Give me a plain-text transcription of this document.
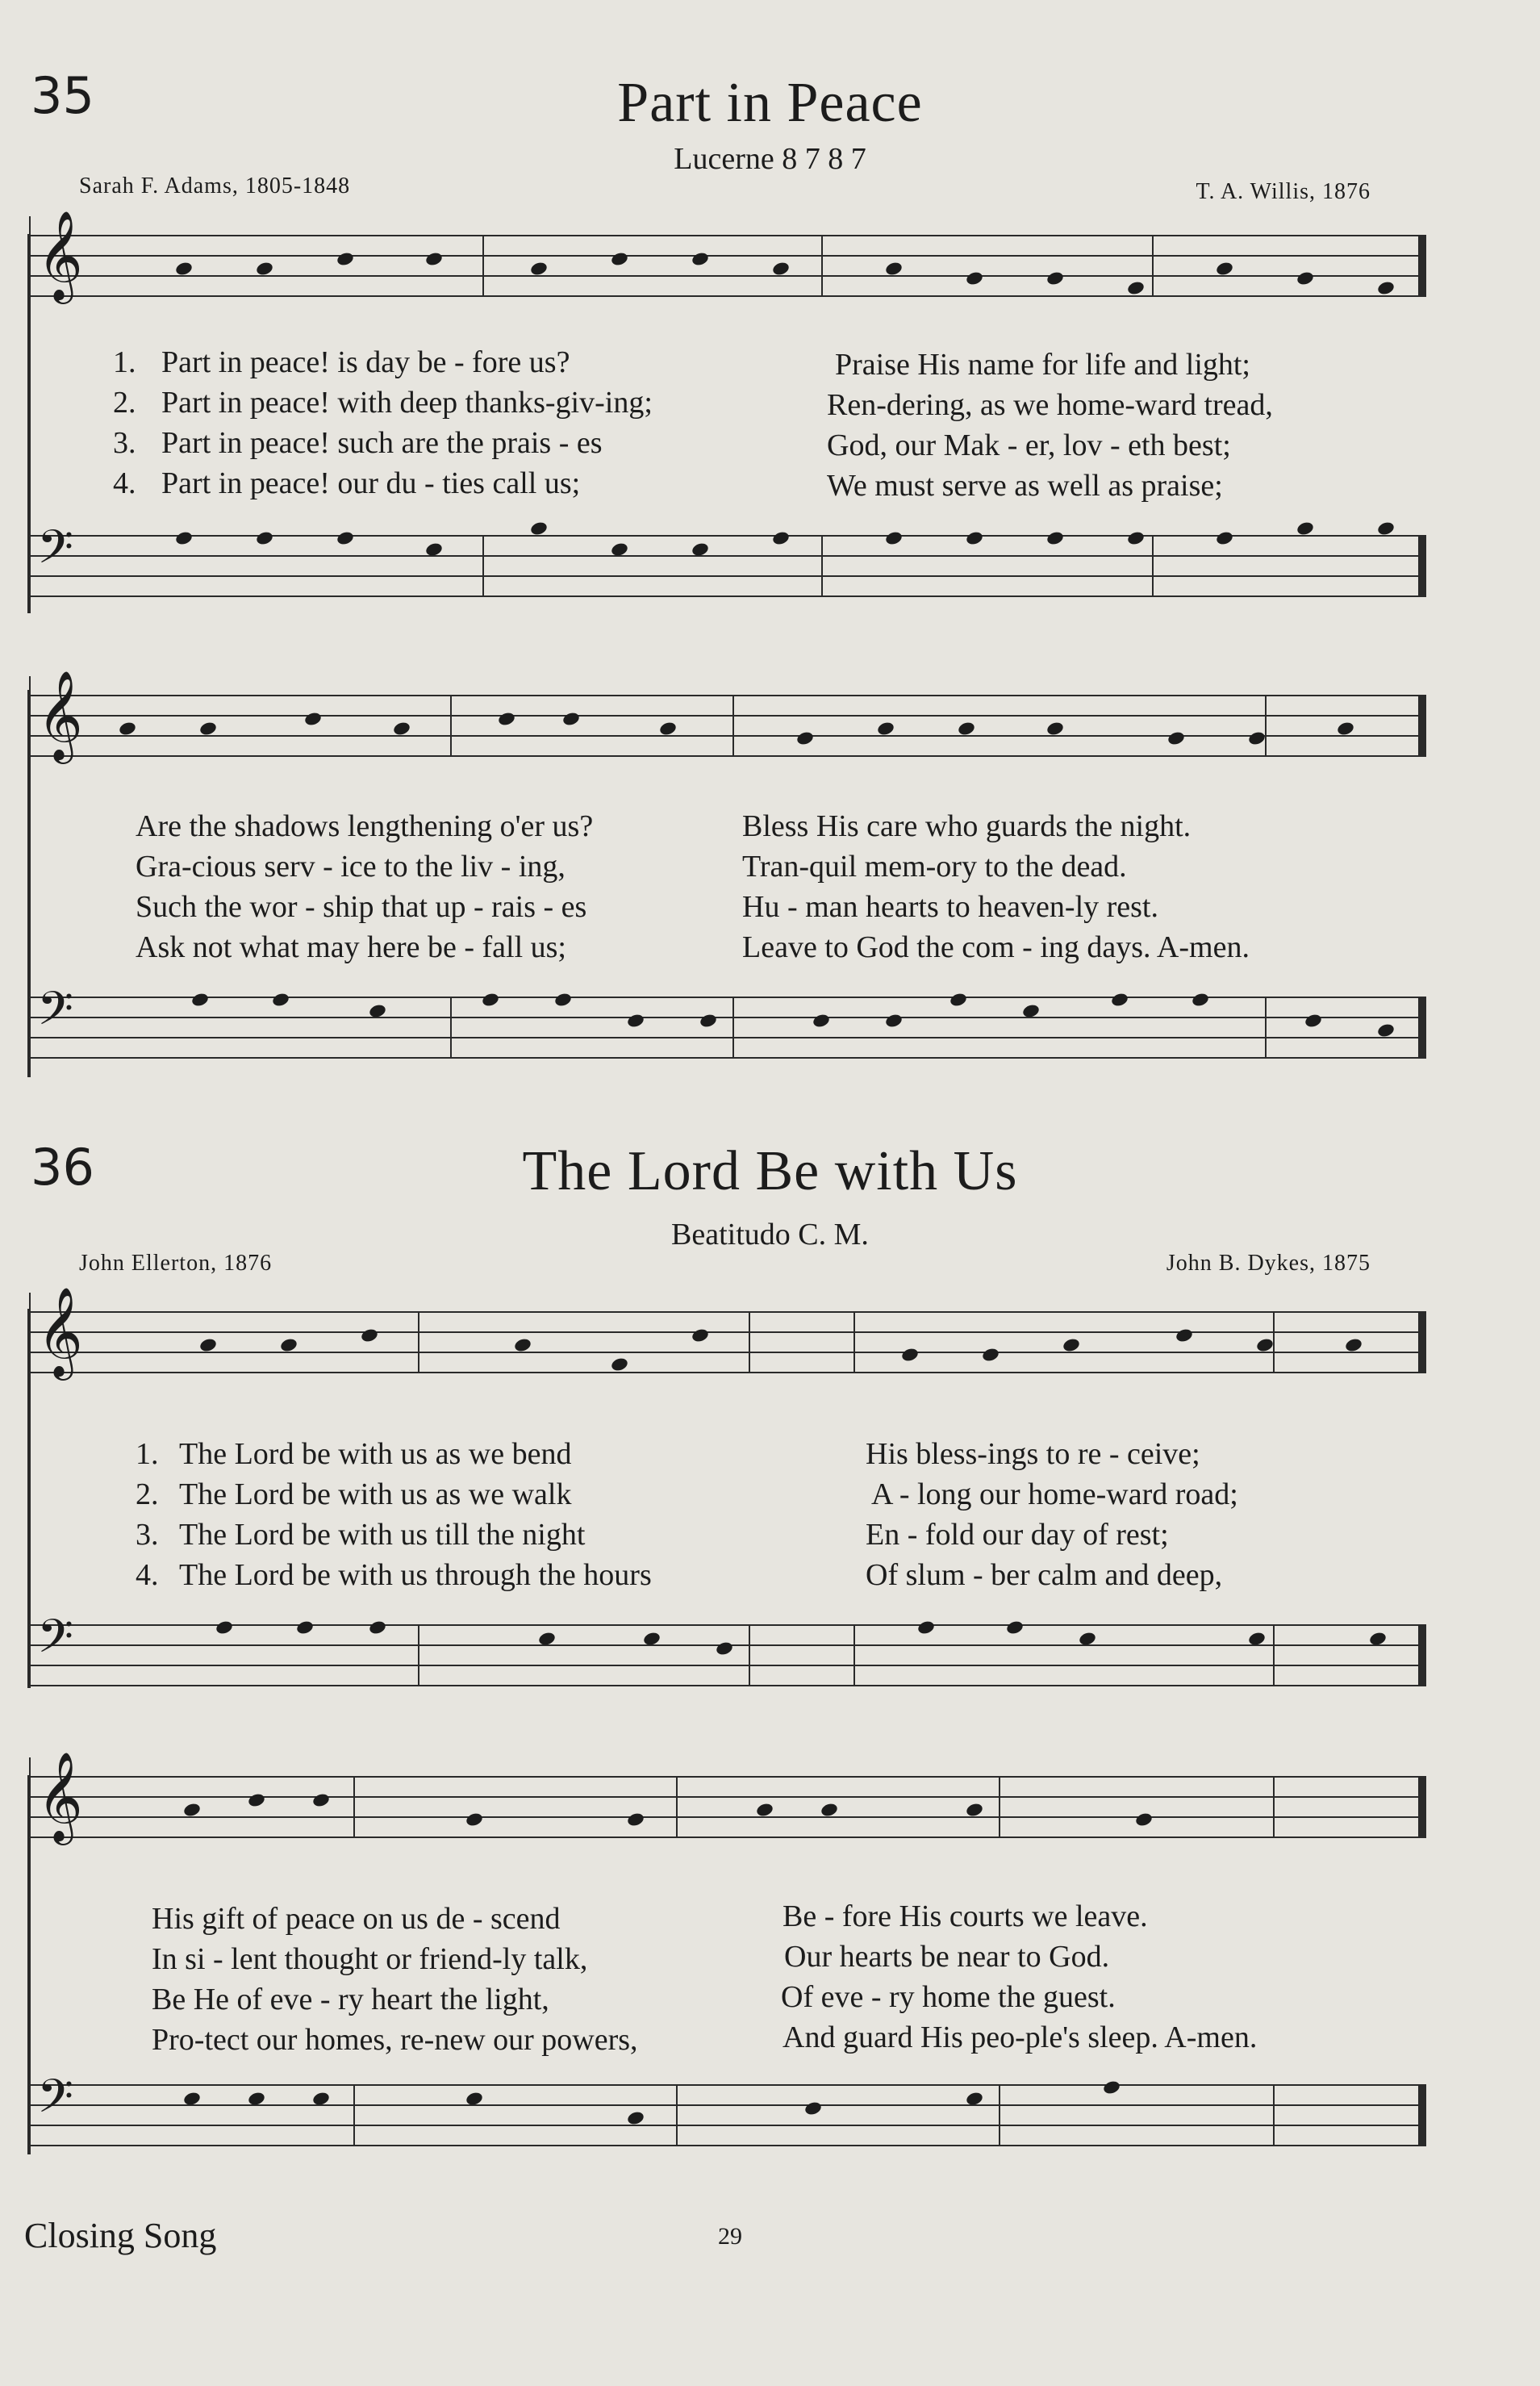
35	Part in Peace
Lucerne 8 7 8 7
Sarah F. Adams, 1805-1848	T. A. Willis, 1876
𝄞
1. Part in peace! is day be - fore us?	Praise His name for life and light;
2. Part in peace! with deep thanks-giv-ing;	Ren-dering, as we home-ward tread,
3. Part in peace! such are the prais - es	God, our Mak - er, lov - eth best;
4. Part in peace! our du - ties call us;	We must serve as well as praise;
𝄢
𝄞
Are the shadows lengthening o'er us?	Bless His care who guards the night.
Gra-cious serv - ice to the liv - ing,	Tran-quil mem-ory to the dead.
Such the wor - ship that up - rais - es	Hu - man hearts to heaven-ly rest.
Ask not what may here be - fall us;	Leave to God the com - ing days. A-men.
𝄢
36	The Lord Be with Us
Beatitudo C. M.
John Ellerton, 1876	John B. Dykes, 1875
𝄞
1. The Lord be with us as we bend	His bless-ings to re - ceive;
2. The Lord be with us as we walk	A - long our home-ward road;
3. The Lord be with us till the night	En - fold our day of rest;
4. The Lord be with us through the hours	Of slum - ber calm and deep,
𝄢
𝄞
His gift of peace on us de - scend	Be - fore His courts we leave.
In si - lent thought or friend-ly talk,	Our hearts be near to God.
Be He of eve - ry heart the light,	Of eve - ry home the guest.
Pro-tect our homes, re-new our powers,	And guard His peo-ple's sleep. A-men.
𝄢
Closing Song	29
